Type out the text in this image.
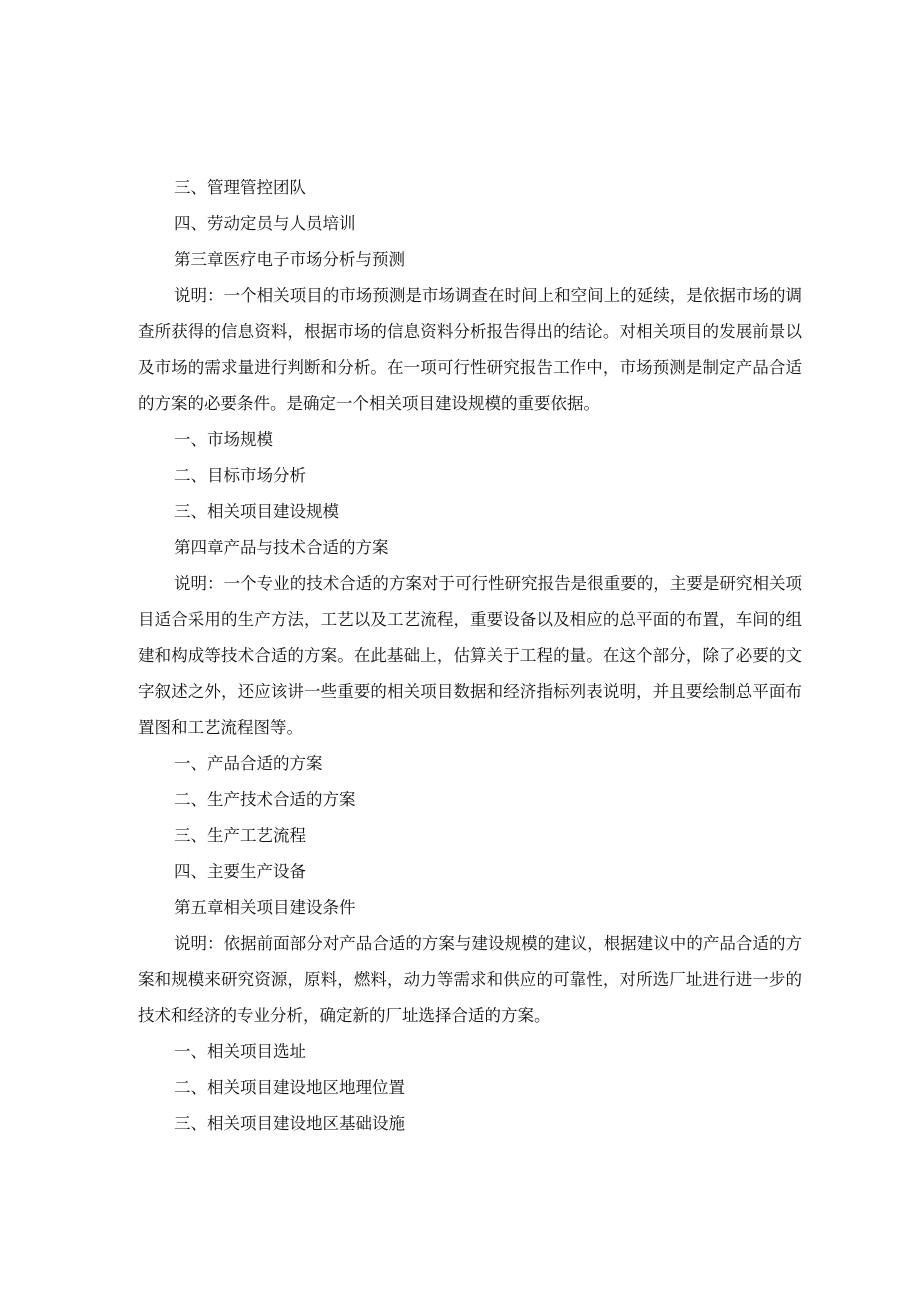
三、管理管控团队

四、劳动定员与人员培训

第三章医疗电子市场分析与预测

说明：一个相关项目的市场预测是市场调查在时间上和空间上的延续，是依据市场的调查所获得的信息资料，根据市场的信息资料分析报告得出的结论。对相关项目的发展前景以及市场的需求量进行判断和分析。在一项可行性研究报告工作中，市场预测是制定产品合适的方案的必要条件。是确定一个相关项目建设规模的重要依据。

一、市场规模

二、目标市场分析

三、相关项目建设规模

第四章产品与技术合适的方案

说明：一个专业的技术合适的方案对于可行性研究报告是很重要的，主要是研究相关项目适合采用的生产方法，工艺以及工艺流程，重要设备以及相应的总平面的布置，车间的组建和构成等技术合适的方案。在此基础上，估算关于工程的量。在这个部分，除了必要的文字叙述之外，还应该讲一些重要的相关项目数据和经济指标列表说明，并且要绘制总平面布置图和工艺流程图等。

一、产品合适的方案

二、生产技术合适的方案

三、生产工艺流程

四、主要生产设备

第五章相关项目建设条件

说明：依据前面部分对产品合适的方案与建设规模的建议，根据建议中的产品合适的方案和规模来研究资源，原料，燃料，动力等需求和供应的可靠性，对所选厂址进行进一步的技术和经济的专业分析，确定新的厂址选择合适的方案。

一、相关项目选址

二、相关项目建设地区地理位置

三、相关项目建设地区基础设施
